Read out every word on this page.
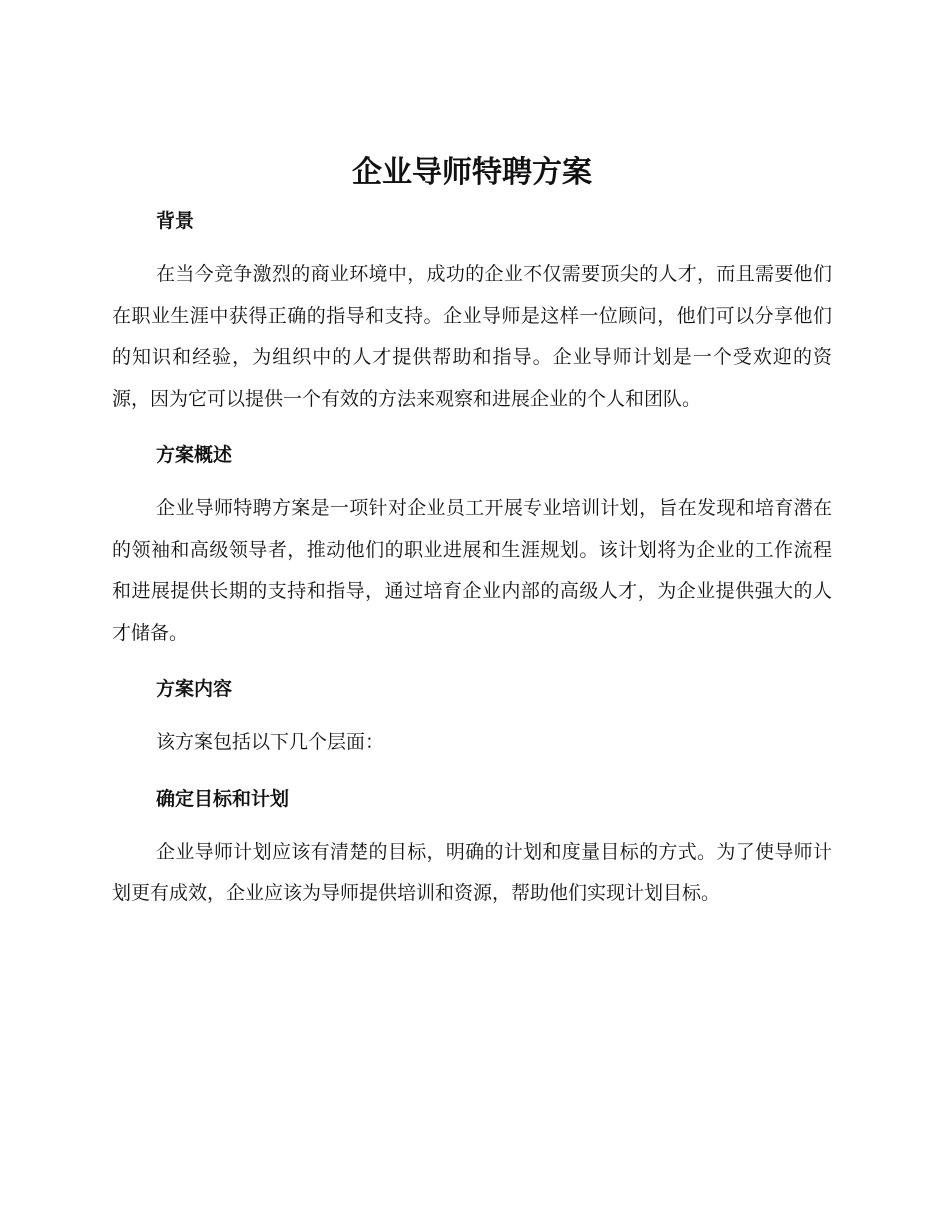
企业导师特聘方案
背景

在当今竞争激烈的商业环境中，成功的企业不仅需要顶尖的人才，而且需要他们在职业生涯中获得正确的指导和支持。企业导师是这样一位顾问，他们可以分享他们的知识和经验，为组织中的人才提供帮助和指导。企业导师计划是一个受欢迎的资源，因为它可以提供一个有效的方法来观察和进展企业的个人和团队。

方案概述

企业导师特聘方案是一项针对企业员工开展专业培训计划，旨在发现和培育潜在的领袖和高级领导者，推动他们的职业进展和生涯规划。该计划将为企业的工作流程和进展提供长期的支持和指导，通过培育企业内部的高级人才，为企业提供强大的人才储备。

方案内容

该方案包括以下几个层面：

确定目标和计划

企业导师计划应该有清楚的目标，明确的计划和度量目标的方式。为了使导师计划更有成效，企业应该为导师提供培训和资源，帮助他们实现计划目标。
